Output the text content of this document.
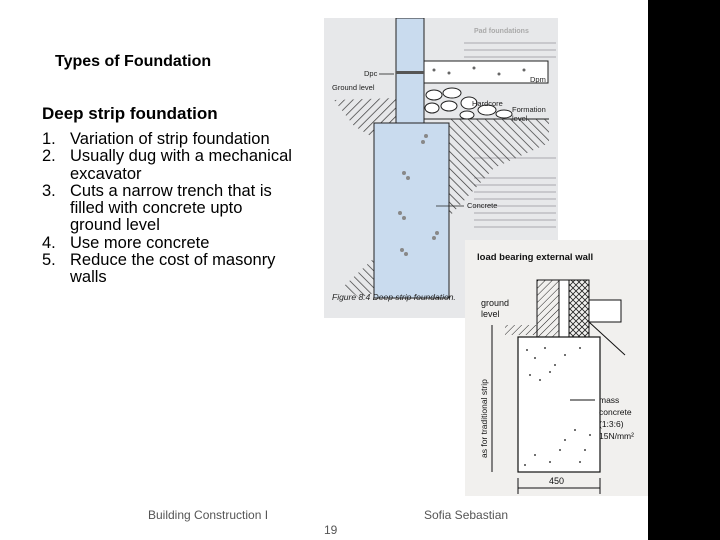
Types of Foundation
Deep strip foundation
1. Variation of strip foundation
2. Usually dug with a mechanical excavator
3. Cuts a narrow trench that is filled with concrete upto ground level
4. Use more concrete
5. Reduce the cost of masonry walls
Pad foundations
Dpc
Dpm
Ground level
Hardcore
Formation
level
Concrete
Figure 8.4 Deep strip foundation.
load bearing external wall
mass
concrete
(1:3:6)
15N/mm²
ground
level
as for traditional strip
450
Building Construction I	Sofia Sebastian
19
